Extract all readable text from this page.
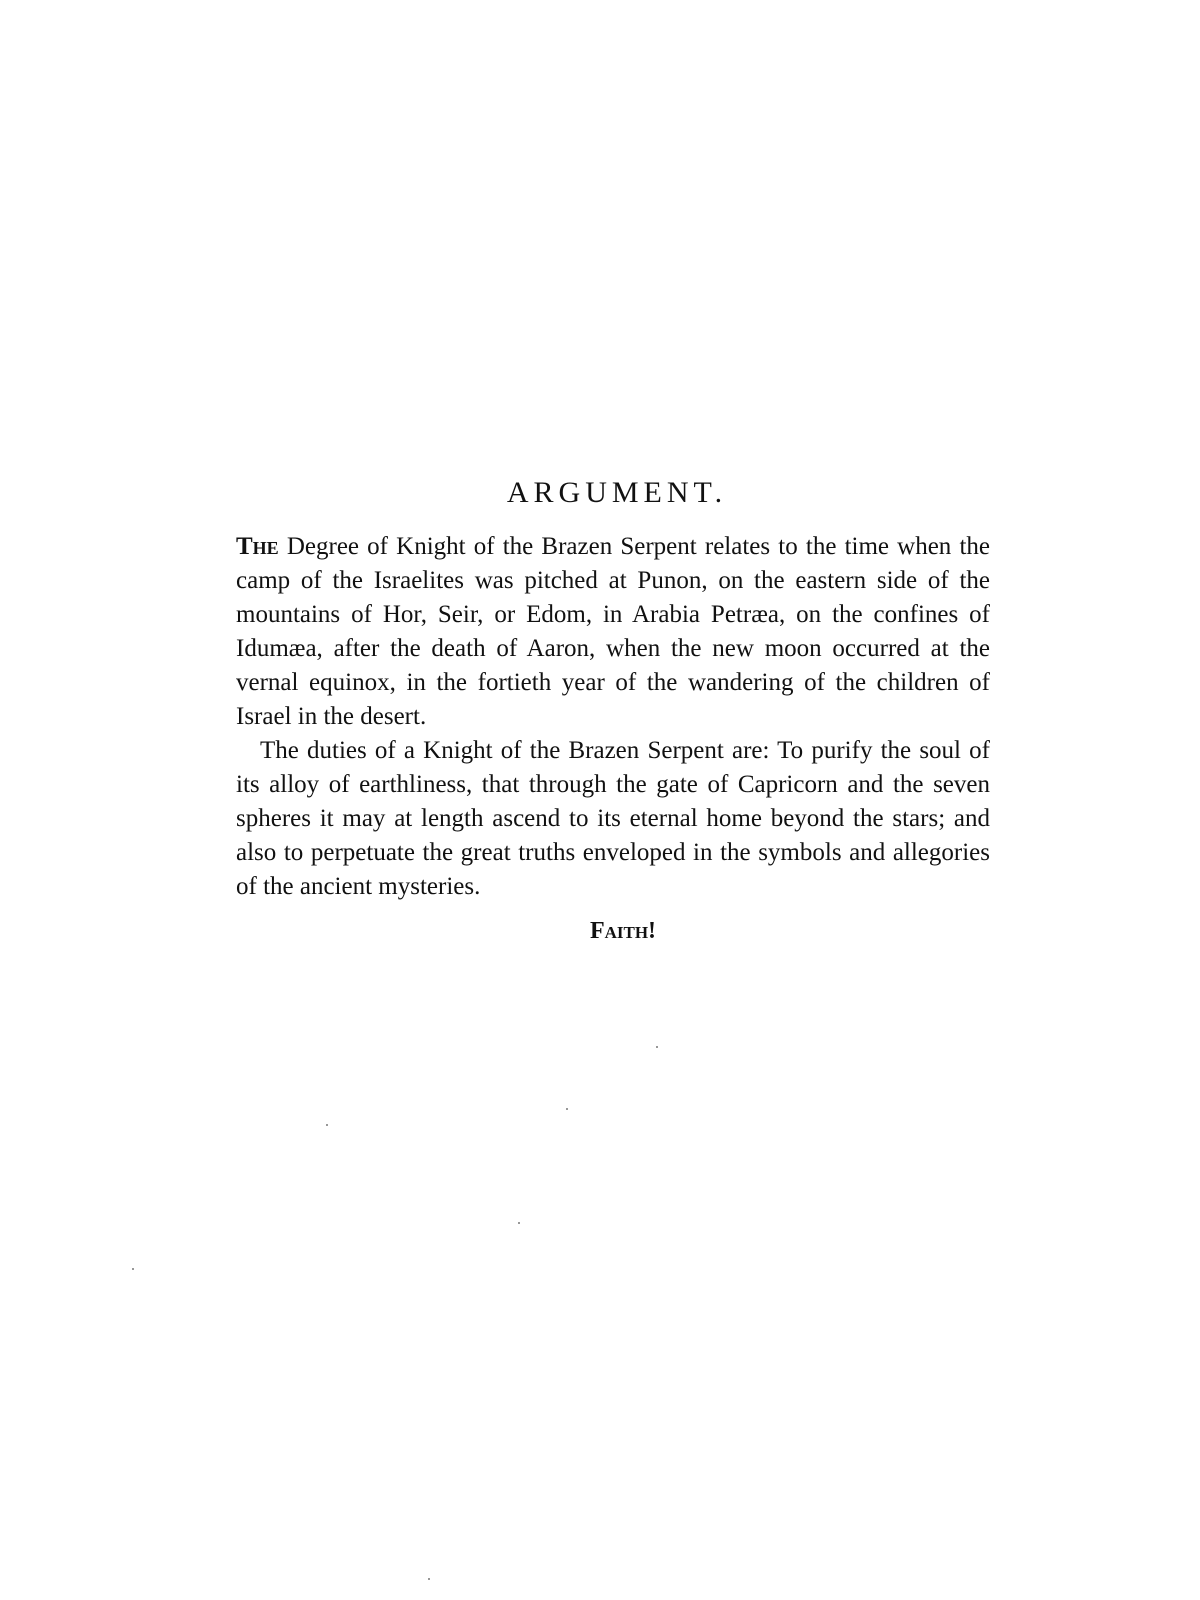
ARGUMENT.

The Degree of Knight of the Brazen Serpent relates to the time when the camp of the Israelites was pitched at Punon, on the eastern side of the mountains of Hor, Seir, or Edom, in Arabia Petræa, on the confines of Idumæa, after the death of Aaron, when the new moon occurred at the vernal equinox, in the fortieth year of the wandering of the children of Israel in the desert.

The duties of a Knight of the Brazen Serpent are: To purify the soul of its alloy of earthliness, that through the gate of Capricorn and the seven spheres it may at length ascend to its eternal home beyond the stars; and also to perpetuate the great truths enveloped in the symbols and allegories of the ancient mysteries.

Faith!
